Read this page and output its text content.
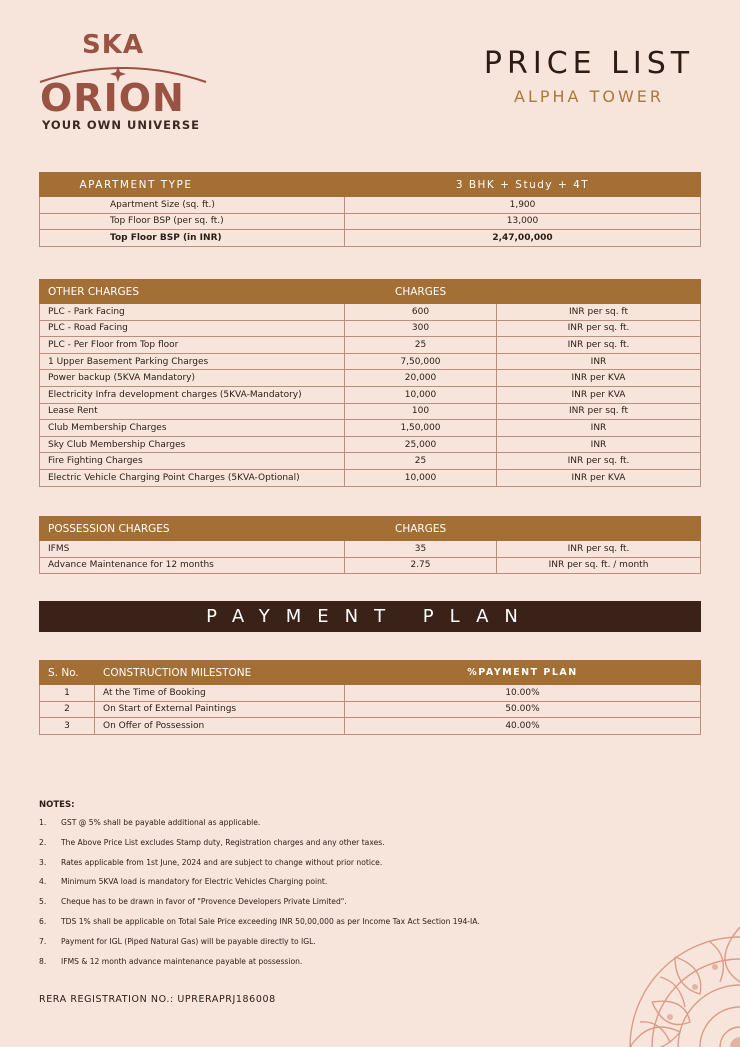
SKA
ORION
YOUR OWN UNIVERSE
PRICE LIST
ALPHA TOWER
APARTMENT TYPE	3 BHK + Study + 4T
Apartment Size (sq. ft.)	1,900
Top Floor BSP (per sq. ft.)	13,000
Top Floor BSP (in INR)	2,47,00,000
OTHER CHARGES	CHARGES	
PLC - Park Facing	600	INR per sq. ft
PLC - Road Facing	300	INR per sq. ft.
PLC - Per Floor from Top floor	25	INR per sq. ft.
1 Upper Basement Parking Charges	7,50,000	INR
Power backup (5KVA Mandatory)	20,000	INR per KVA
Electricity Infra development charges (5KVA-Mandatory)	10,000	INR per KVA
Lease Rent	100	INR per sq. ft
Club Membership Charges	1,50,000	INR
Sky Club Membership Charges	25,000	INR
Fire Fighting Charges	25	INR per sq. ft.
Electric Vehicle Charging Point Charges (5KVA-Optional)	10,000	INR per KVA
POSSESSION CHARGES	CHARGES	
IFMS	35	INR per sq. ft.
Advance Maintenance for 12 months	2.75	INR per sq. ft. / month
PAYMENT PLAN
S. No.	CONSTRUCTION MILESTONE	%PAYMENT PLAN
1	At the Time of Booking	10.00%
2	On Start of External Paintings	50.00%
3	On Offer of Possession	40.00%
NOTES:
1.	GST @ 5% shall be payable additional as applicable.
2.	The Above Price List excludes Stamp duty, Registration charges and any other taxes.
3.	Rates applicable from 1st June, 2024 and are subject to change without prior notice.
4.	Minimum 5KVA load is mandatory for Electric Vehicles Charging point.
5.	Cheque has to be drawn in favor of "Provence Developers Private Limited".
6.	TDS 1% shall be applicable on Total Sale Price exceeding INR 50,00,000 as per Income Tax Act Section 194-IA.
7.	Payment for IGL (Piped Natural Gas) will be payable directly to IGL.
8.	IFMS & 12 month advance maintenance payable at possession.
RERA REGISTRATION NO.: UPRERAPRJ186008
